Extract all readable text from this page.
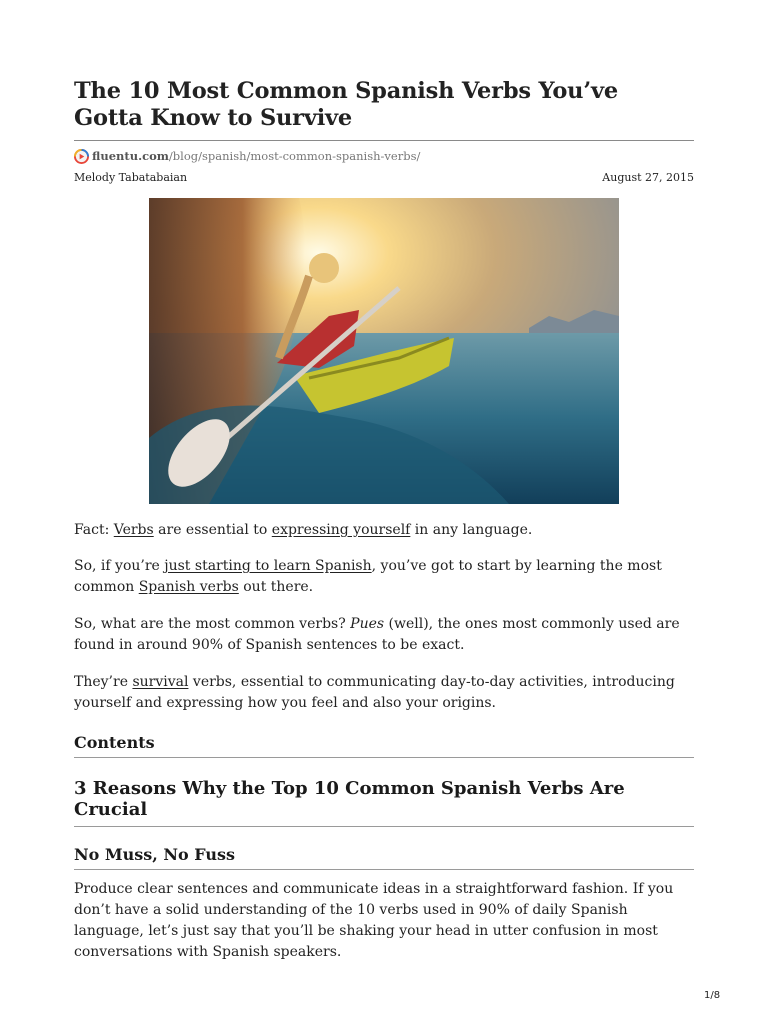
The 10 Most Common Spanish Verbs You’ve Gotta Know to Survive
fluentu.com /blog/spanish/most-common-spanish-verbs/
Melody Tabatabaian	August 27, 2015

Fact: Verbs are essential to expressing yourself in any language.

So, if you’re just starting to learn Spanish, you’ve got to start by learning the most common Spanish verbs out there.

So, what are the most common verbs? Pues (well), the ones most commonly used are found in around 90% of Spanish sentences to be exact.

They’re survival verbs, essential to communicating day-to-day activities, introducing yourself and expressing how you feel and also your origins.

Contents
3 Reasons Why the Top 10 Common Spanish Verbs Are Crucial
No Muss, No Fuss

Produce clear sentences and communicate ideas in a straightforward fashion. If you don’t have a solid understanding of the 10 verbs used in 90% of daily Spanish language, let’s just say that you’ll be shaking your head in utter confusion in most conversations with Spanish speakers.

1/8
